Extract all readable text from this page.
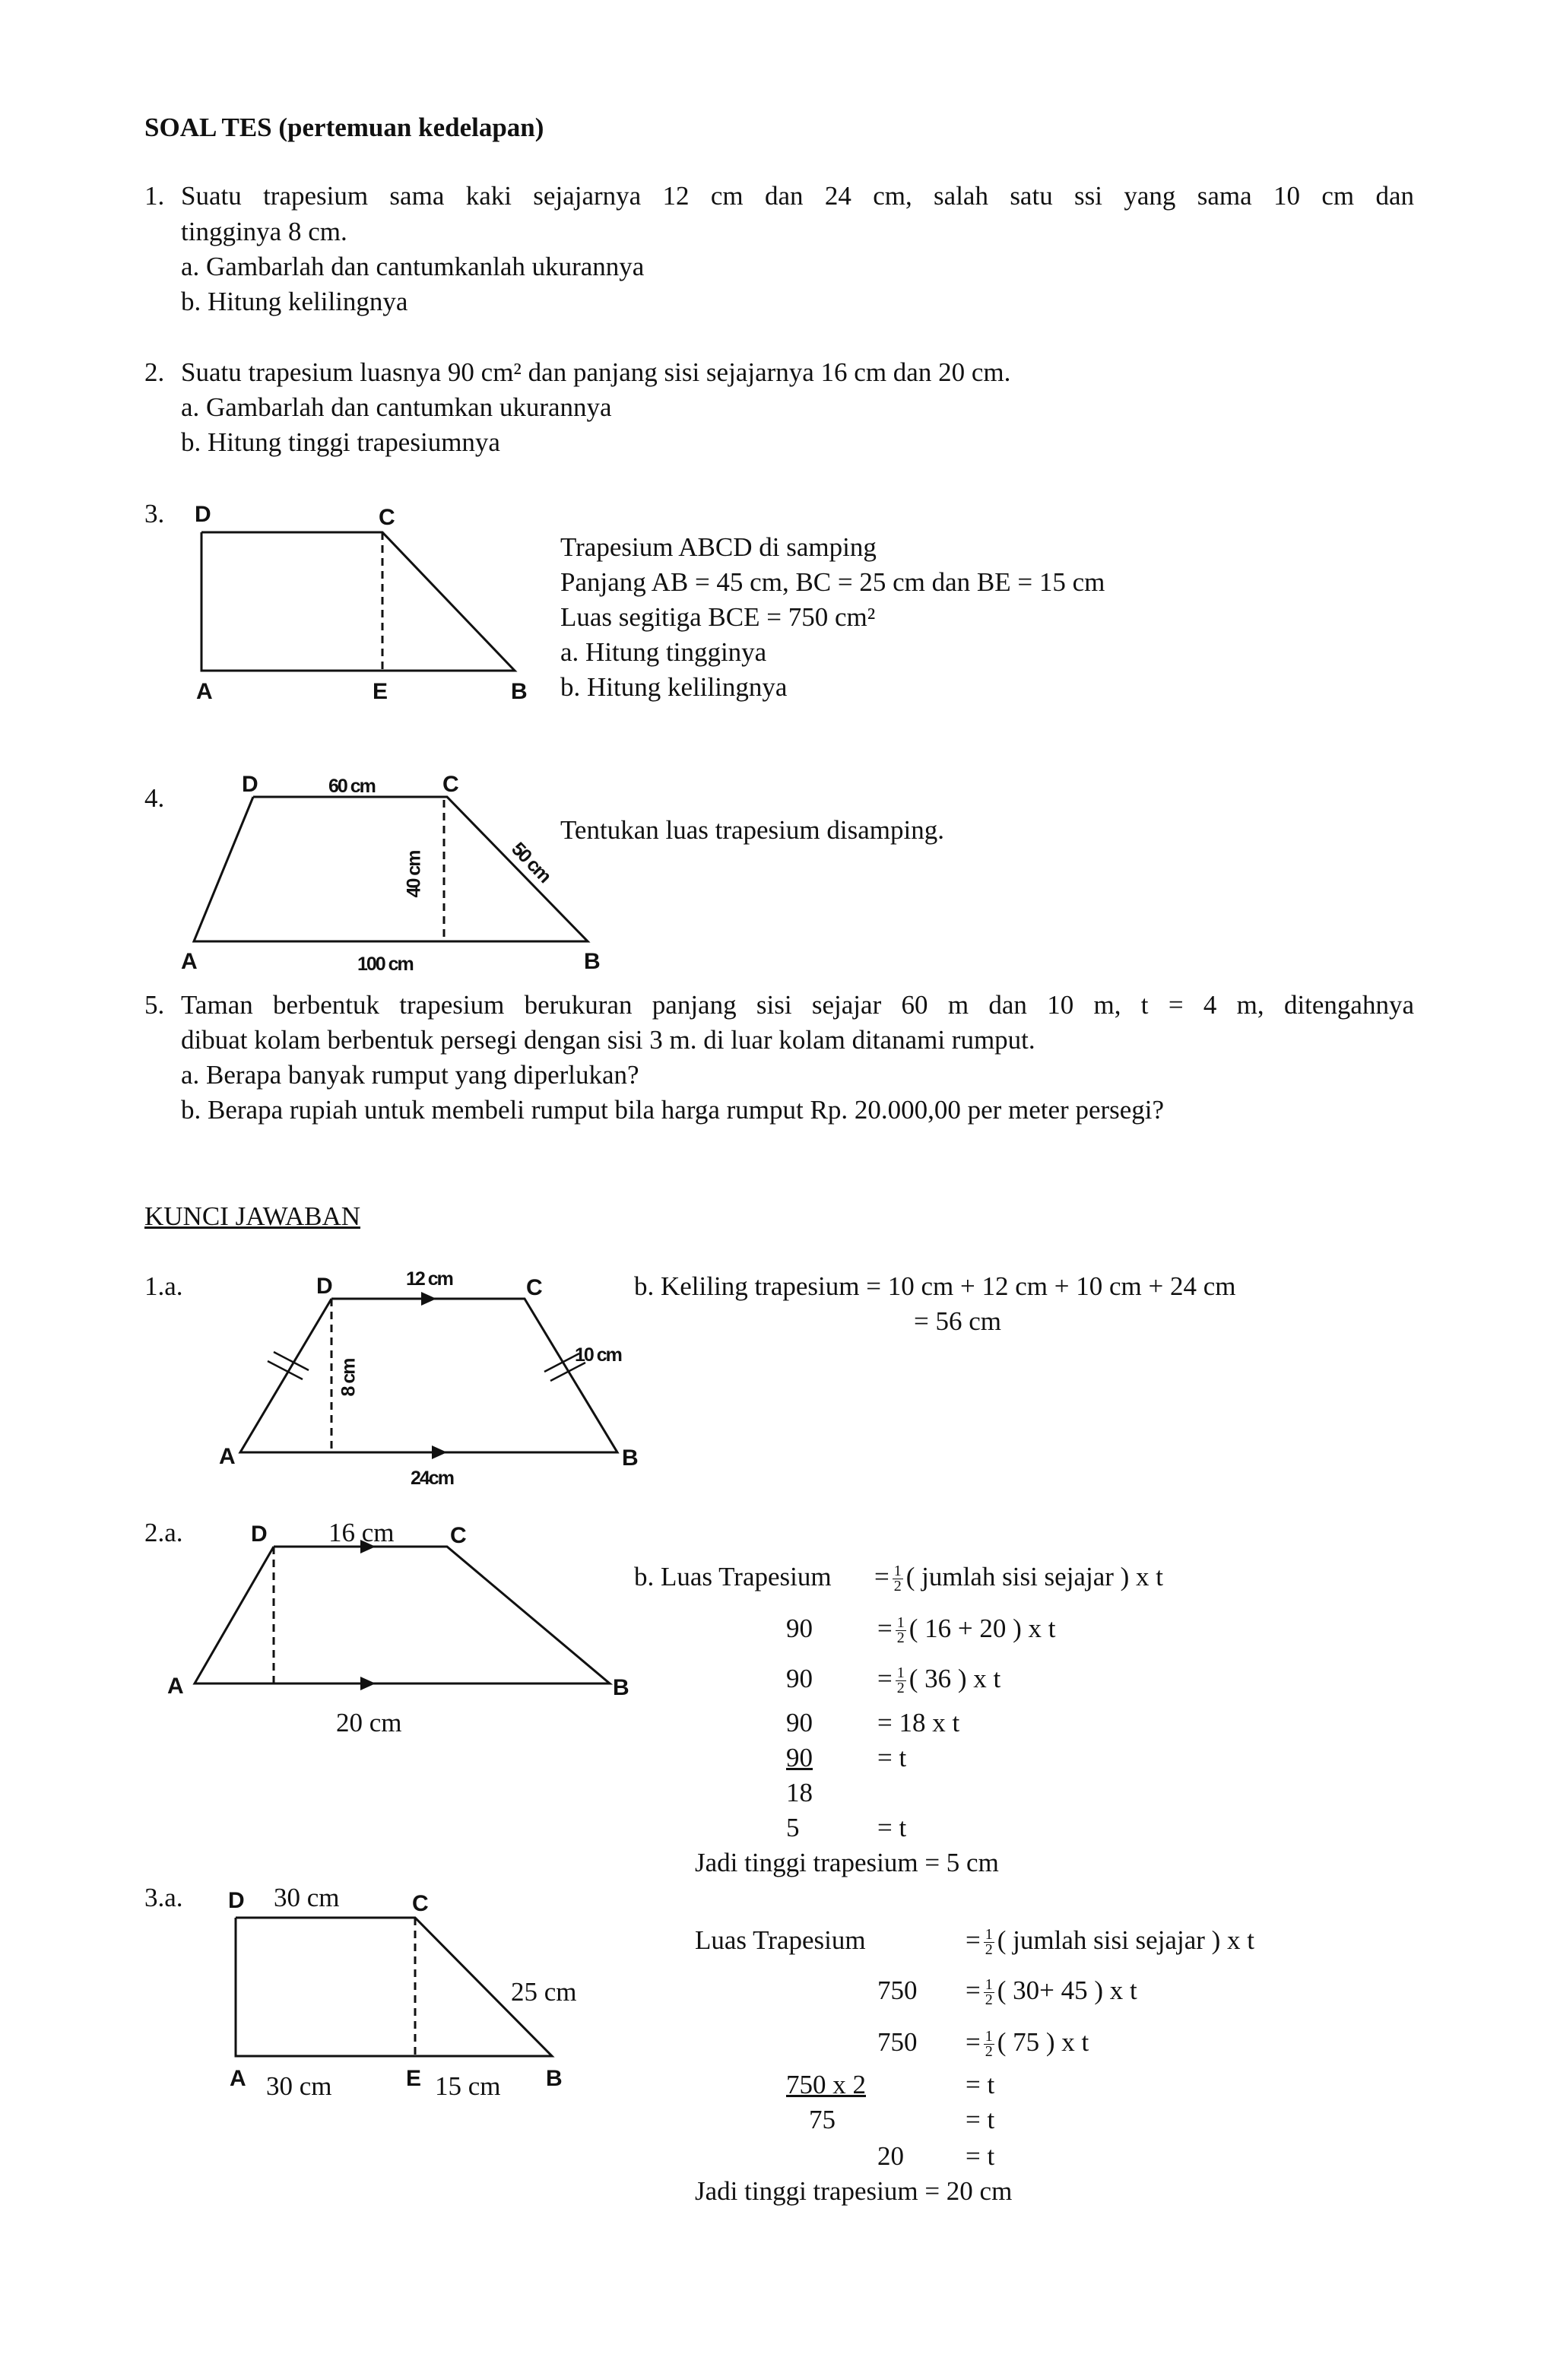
SOAL TES (pertemuan kedelapan)
1. Suatu trapesium sama kaki sejajarnya 12 cm dan 24 cm, salah satu ssi yang sama 10 cm dan
tingginya 8 cm.
a. Gambarlah dan cantumkanlah ukurannya
b. Hitung kelilingnya
2. Suatu trapesium luasnya 90 cm² dan panjang sisi sejajarnya 16 cm dan 20 cm.
a. Gambarlah dan cantumkan ukurannya
b. Hitung tinggi trapesiumnya
3. D	C
A	E	B
Trapesium ABCD di samping
Panjang AB = 45 cm, BC = 25 cm dan BE = 15 cm
Luas segitiga BCE = 750 cm²
a. Hitung tingginya
b. Hitung kelilingnya
4.	D	60 cm	C
40 cm	50 cm
A	100 cm	B
Tentukan luas trapesium disamping.
5. Taman berbentuk trapesium berukuran panjang sisi sejajar 60 m dan 10 m, t = 4 m, ditengahnya
dibuat kolam berbentuk persegi dengan sisi 3 m. di luar kolam ditanami rumput.
a. Berapa banyak rumput yang diperlukan?
b. Berapa rupiah untuk membeli rumput bila harga rumput Rp. 20.000,00 per meter persegi?
KUNCI JAWABAN
1.a.	D	12 cm	C
8 cm
10 cm
A
24cm
B
b. Keliling trapesium = 10 cm + 12 cm + 10 cm + 24 cm
= 56 cm
2.a.	D 16 cm C
A	B
20 cm
b. Luas Trapesium = $\frac{1}{2}$ ( jumlah sisi sejajar ) x t
$90 = \frac{1}{2}$ ( 16 + 20 ) x t
$90 = \frac{1}{2}$ ( 36 ) x t
90 = 18 x t
90 = t
18
5	= t
Jadi tinggi trapesium = 5 cm
3.a. D 30 cm	C
25 cm
A 30 cm	E 15 cm B
Luas Trapesium	= $\frac{1}{2}$ ( jumlah sisi sejajar ) x t
$750 = \frac{1}{2}$ ( 30+ 45 ) x t
$750 = \frac{1}{2}$ ( 75 ) x t
750 x 2	= t
75	= t
20 = t
Jadi tinggi trapesium = 20 cm
